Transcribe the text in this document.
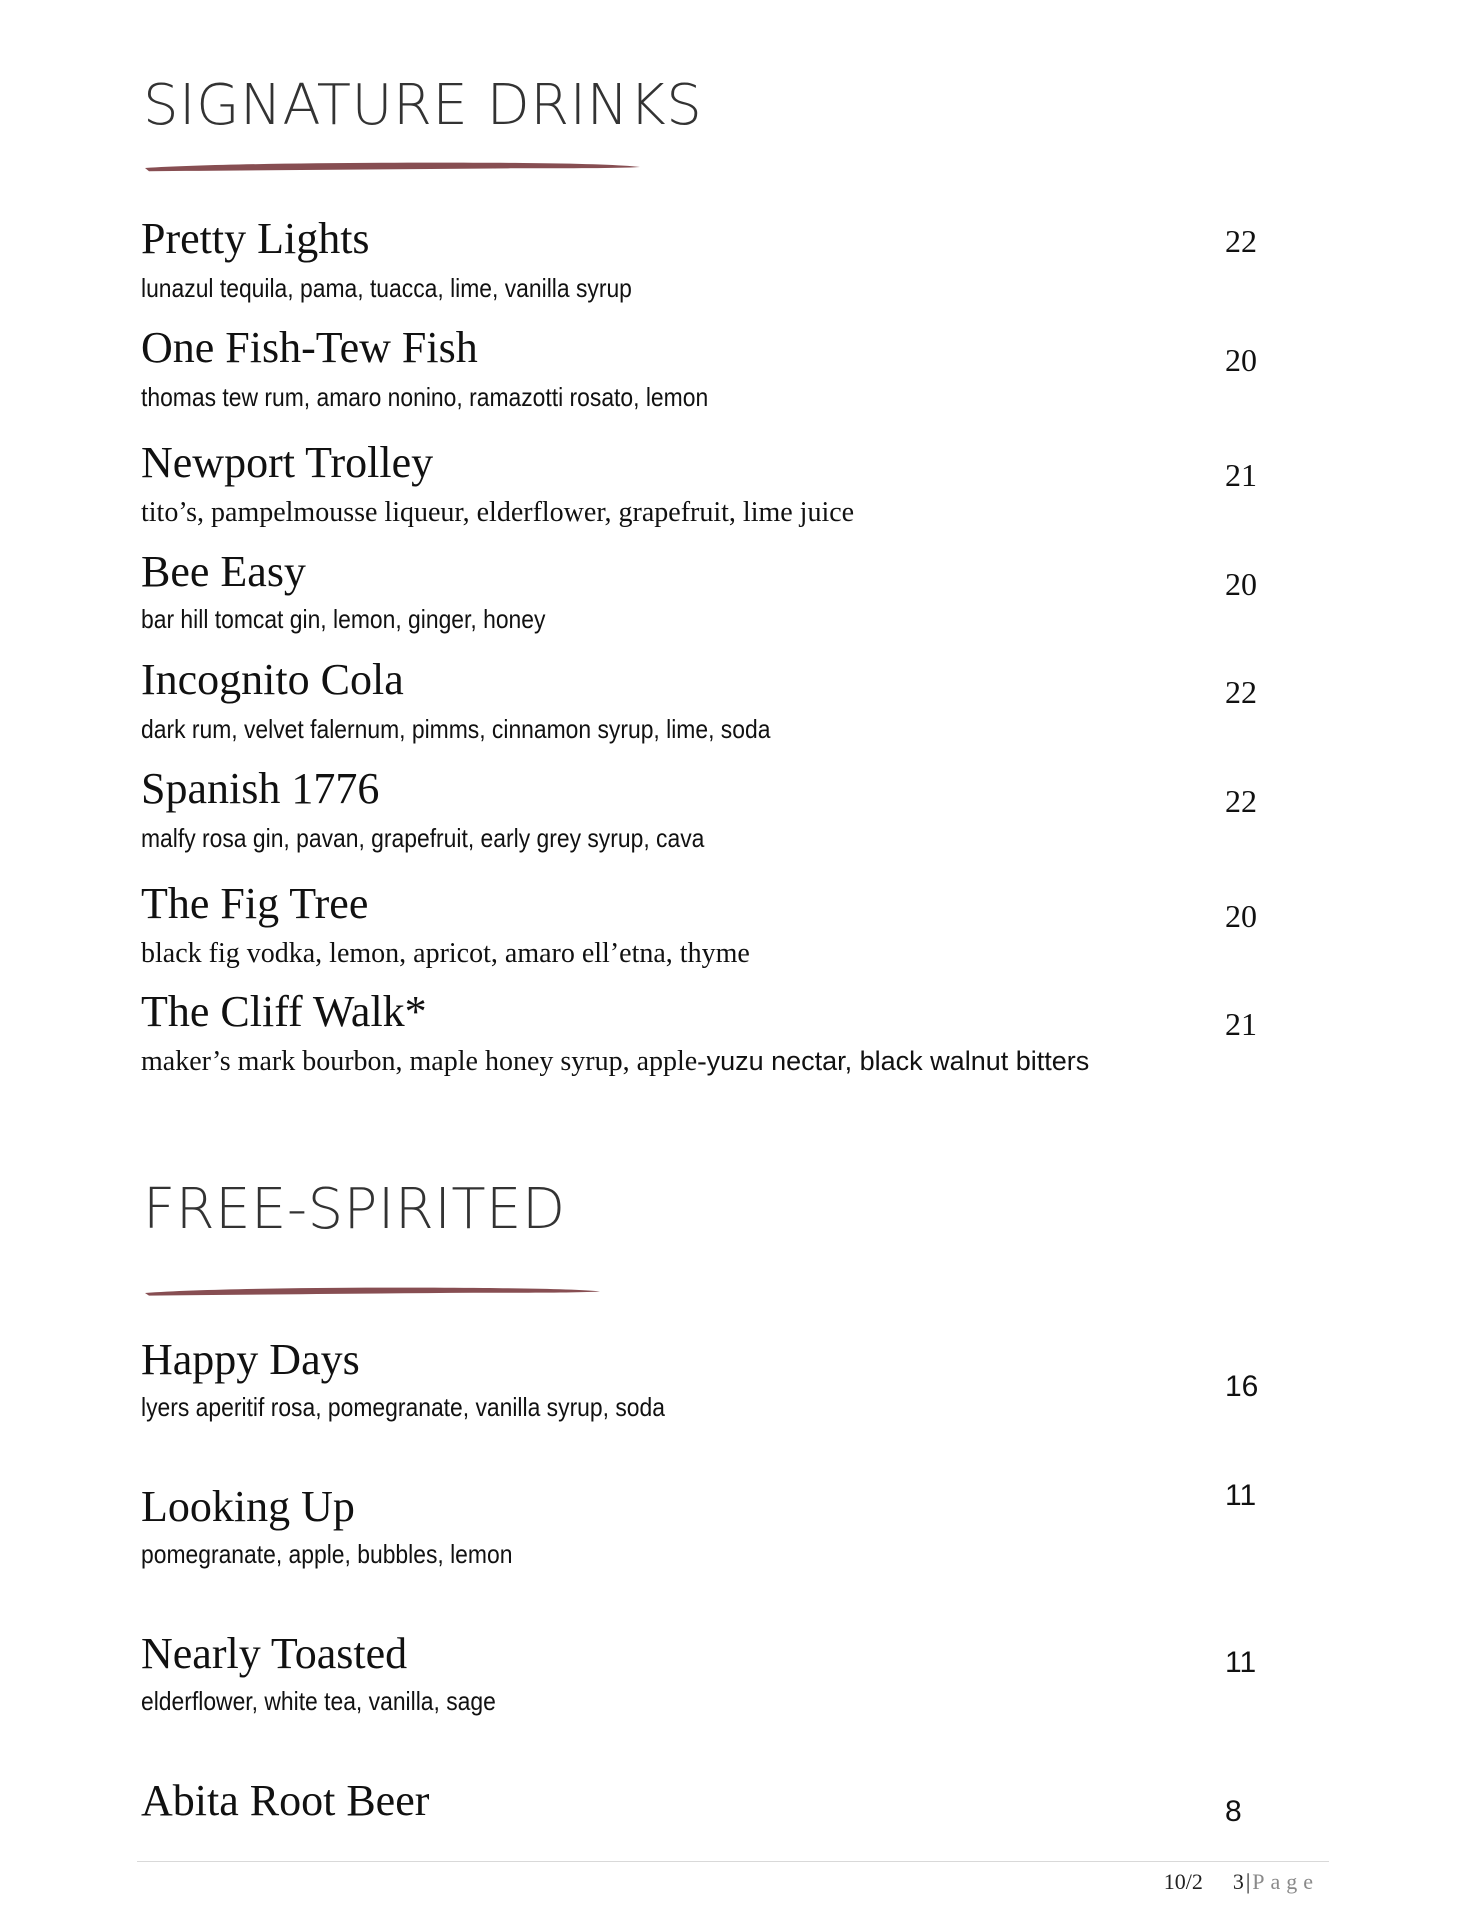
SIGNATURE DRINKS
Pretty Lights
lunazul tequila, pama, tuacca, lime, vanilla syrup
22
One Fish-Tew Fish
thomas tew rum, amaro nonino, ramazotti rosato, lemon
20
Newport Trolley
tito’s, pampelmousse liqueur, elderflower, grapefruit, lime juice
21
Bee Easy
bar hill tomcat gin, lemon, ginger, honey
20
Incognito Cola
dark rum, velvet falernum, pimms, cinnamon syrup, lime, soda
22
Spanish 1776
malfy rosa gin, pavan, grapefruit, early grey syrup, cava
22
The Fig Tree
black fig vodka, lemon, apricot, amaro ell’etna, thyme
20
The Cliff Walk*
maker’s mark bourbon, maple honey syrup, apple-yuzu nectar, black walnut bitters
21
FREE-SPIRITED
Happy Days
lyers aperitif rosa, pomegranate, vanilla syrup, soda
16
Looking Up
pomegranate, apple, bubbles, lemon
11
Nearly Toasted
elderflower, white tea, vanilla, sage
11
Abita Root Beer	8
10/2 3|Page
